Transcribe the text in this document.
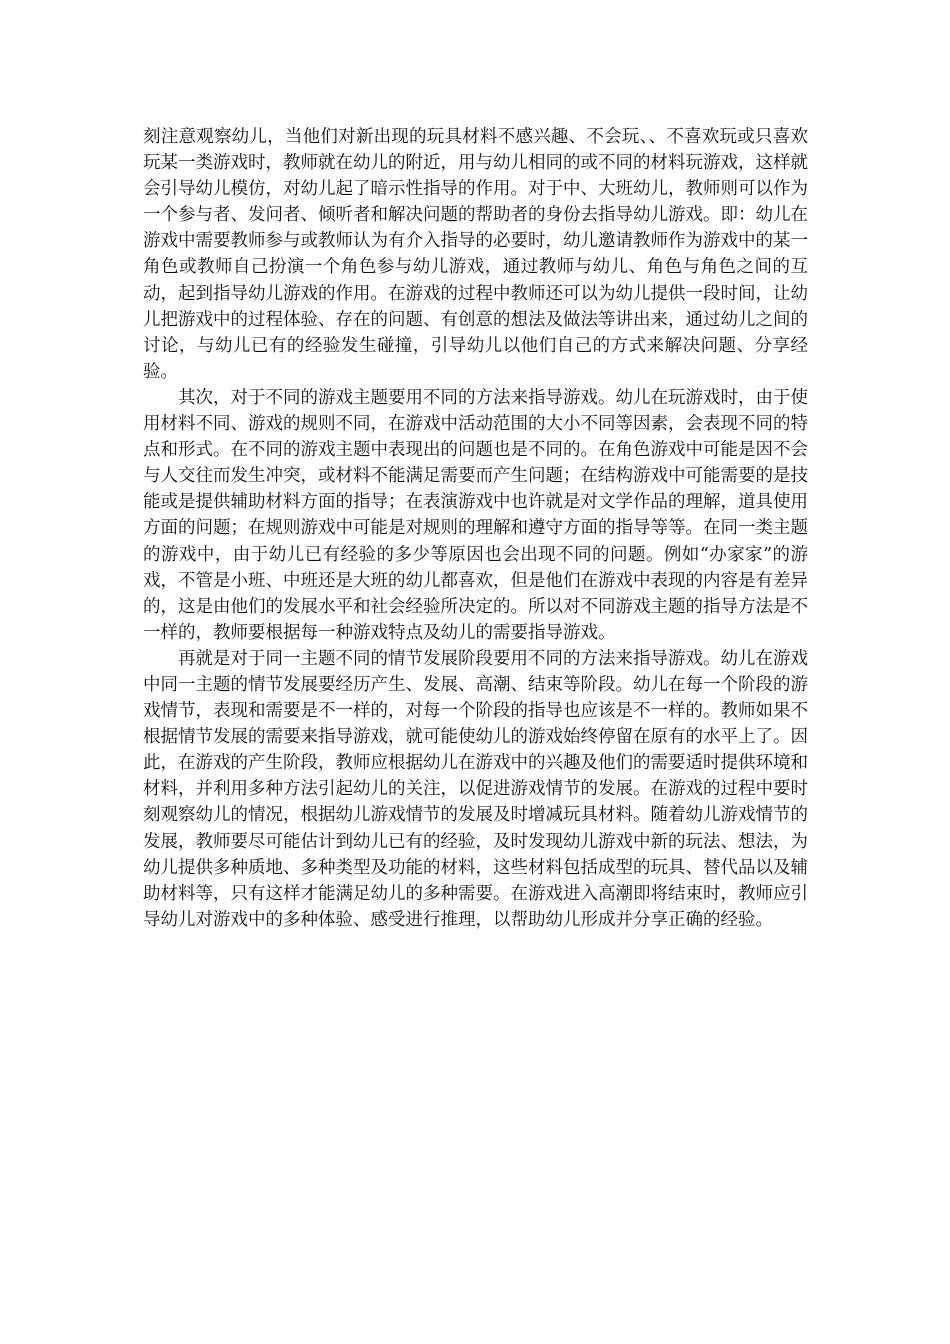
刻注意观察幼儿，当他们对新出现的玩具材料不感兴趣、不会玩、、不喜欢玩或只喜欢玩某一类游戏时，教师就在幼儿的附近，用与幼儿相同的或不同的材料玩游戏，这样就会引导幼儿模仿，对幼儿起了暗示性指导的作用。对于中、大班幼儿，教师则可以作为一个参与者、发问者、倾听者和解决问题的帮助者的身份去指导幼儿游戏。即：幼儿在游戏中需要教师参与或教师认为有介入指导的必要时，幼儿邀请教师作为游戏中的某一角色或教师自己扮演一个角色参与幼儿游戏，通过教师与幼儿、角色与角色之间的互动，起到指导幼儿游戏的作用。在游戏的过程中教师还可以为幼儿提供一段时间，让幼儿把游戏中的过程体验、存在的问题、有创意的想法及做法等讲出来，通过幼儿之间的讨论，与幼儿已有的经验发生碰撞，引导幼儿以他们自己的方式来解决问题、分享经验。

其次，对于不同的游戏主题要用不同的方法来指导游戏。幼儿在玩游戏时，由于使用材料不同、游戏的规则不同，在游戏中活动范围的大小不同等因素，会表现不同的特点和形式。在不同的游戏主题中表现出的问题也是不同的。在角色游戏中可能是因不会与人交往而发生冲突，或材料不能满足需要而产生问题；在结构游戏中可能需要的是技能或是提供辅助材料方面的指导；在表演游戏中也许就是对文学作品的理解，道具使用方面的问题；在规则游戏中可能是对规则的理解和遵守方面的指导等等。在同一类主题的游戏中，由于幼儿已有经验的多少等原因也会出现不同的问题。例如“办家家”的游戏，不管是小班、中班还是大班的幼儿都喜欢，但是他们在游戏中表现的内容是有差异的，这是由他们的发展水平和社会经验所决定的。所以对不同游戏主题的指导方法是不一样的，教师要根据每一种游戏特点及幼儿的需要指导游戏。

再就是对于同一主题不同的情节发展阶段要用不同的方法来指导游戏。幼儿在游戏中同一主题的情节发展要经历产生、发展、高潮、结束等阶段。幼儿在每一个阶段的游戏情节，表现和需要是不一样的，对每一个阶段的指导也应该是不一样的。教师如果不根据情节发展的需要来指导游戏，就可能使幼儿的游戏始终停留在原有的水平上了。因此，在游戏的产生阶段，教师应根据幼儿在游戏中的兴趣及他们的需要适时提供环境和材料，并利用多种方法引起幼儿的关注，以促进游戏情节的发展。在游戏的过程中要时刻观察幼儿的情况，根据幼儿游戏情节的发展及时增减玩具材料。随着幼儿游戏情节的发展，教师要尽可能估计到幼儿已有的经验，及时发现幼儿游戏中新的玩法、想法，为幼儿提供多种质地、多种类型及功能的材料，这些材料包括成型的玩具、替代品以及辅助材料等，只有这样才能满足幼儿的多种需要。在游戏进入高潮即将结束时，教师应引导幼儿对游戏中的多种体验、感受进行推理，以帮助幼儿形成并分享正确的经验。
